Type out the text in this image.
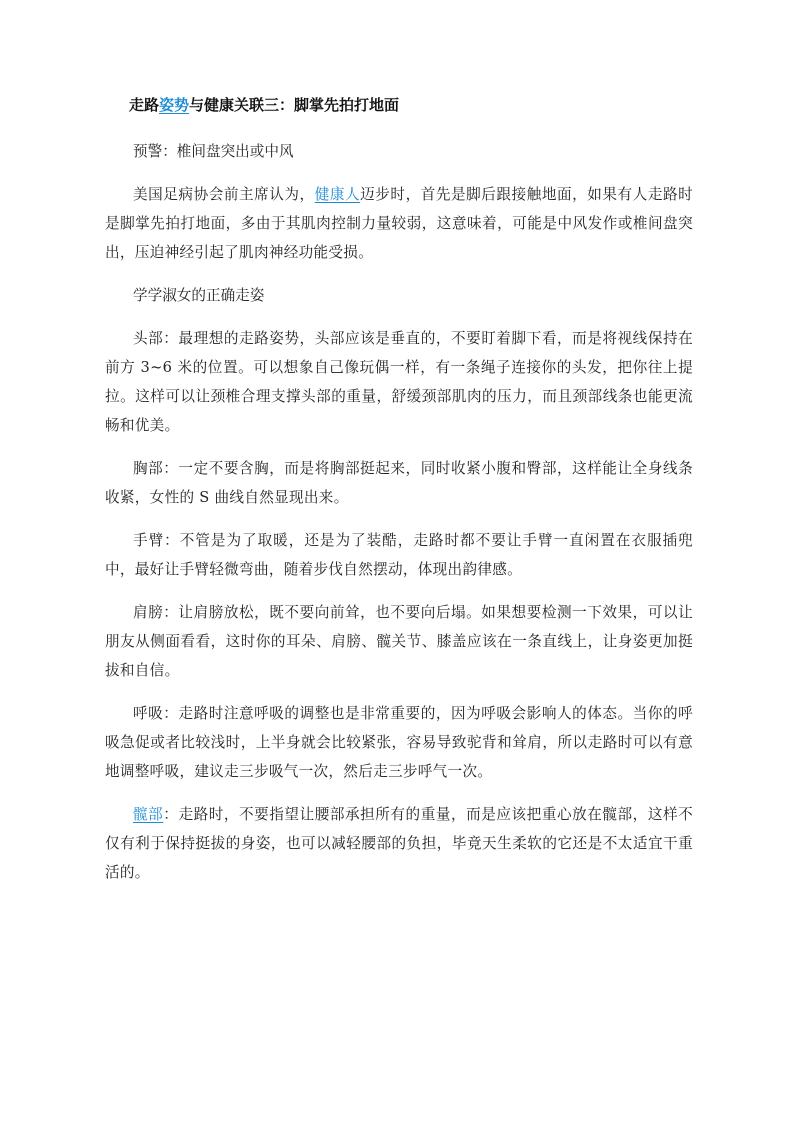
走路姿势与健康关联三：脚掌先拍打地面

预警：椎间盘突出或中风

美国足病协会前主席认为，健康人迈步时，首先是脚后跟接触地面，如果有人走路时是脚掌先拍打地面，多由于其肌肉控制力量较弱，这意味着，可能是中风发作或椎间盘突出，压迫神经引起了肌肉神经功能受损。

学学淑女的正确走姿

头部：最理想的走路姿势，头部应该是垂直的，不要盯着脚下看，而是将视线保持在前方 3~6 米的位置。可以想象自己像玩偶一样，有一条绳子连接你的头发，把你往上提拉。这样可以让颈椎合理支撑头部的重量，舒缓颈部肌肉的压力，而且颈部线条也能更流畅和优美。

胸部：一定不要含胸，而是将胸部挺起来，同时收紧小腹和臀部，这样能让全身线条收紧，女性的 S 曲线自然显现出来。

手臂：不管是为了取暖，还是为了装酷，走路时都不要让手臂一直闲置在衣服插兜中，最好让手臂轻微弯曲，随着步伐自然摆动，体现出韵律感。

肩膀：让肩膀放松，既不要向前耸，也不要向后塌。如果想要检测一下效果，可以让朋友从侧面看看，这时你的耳朵、肩膀、髋关节、膝盖应该在一条直线上，让身姿更加挺拔和自信。

呼吸：走路时注意呼吸的调整也是非常重要的，因为呼吸会影响人的体态。当你的呼吸急促或者比较浅时，上半身就会比较紧张，容易导致驼背和耸肩，所以走路时可以有意地调整呼吸，建议走三步吸气一次，然后走三步呼气一次。

髋部：走路时，不要指望让腰部承担所有的重量，而是应该把重心放在髋部，这样不仅有利于保持挺拔的身姿，也可以减轻腰部的负担，毕竟天生柔软的它还是不太适宜干重活的。
